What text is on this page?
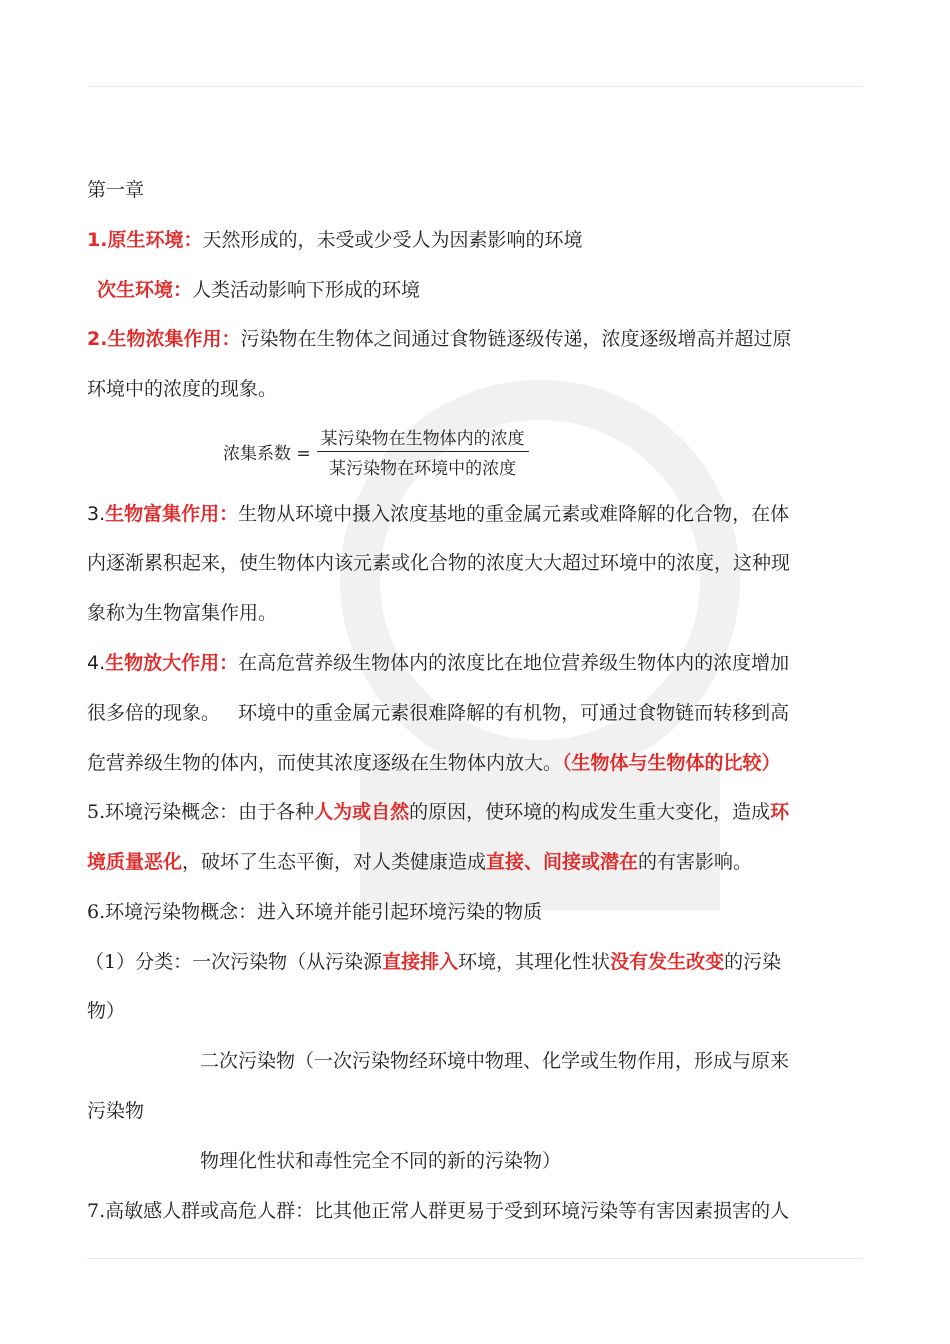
第一章
1.原生环境：天然形成的，未受或少受人为因素影响的环境
次生环境：人类活动影响下形成的环境
2.生物浓集作用：污染物在生物体之间通过食物链逐级传递，浓度逐级增高并超过原
环境中的浓度的现象。
浓集系数 = $\frac{\text{某污染物在生物体内的浓度}}{\text{某污染物在环境中的浓度}}$
3.生物富集作用：生物从环境中摄入浓度基地的重金属元素或难降解的化合物，在体
内逐渐累积起来，使生物体内该元素或化合物的浓度大大超过环境中的浓度，这种现
象称为生物富集作用。
4.生物放大作用：在高危营养级生物体内的浓度比在地位营养级生物体内的浓度增加
很多倍的现象。   环境中的重金属元素很难降解的有机物，可通过食物链而转移到高
危营养级生物的体内，而使其浓度逐级在生物体内放大。（生物体与生物体的比较）
5.环境污染概念：由于各种人为或自然的原因，使环境的构成发生重大变化，造成环
境质量恶化，破坏了生态平衡，对人类健康造成直接、间接或潜在的有害影响。
6.环境污染物概念：进入环境并能引起环境污染的物质
（1）分类：一次污染物（从污染源直接排入环境，其理化性状没有发生改变的污染
物）
二次污染物（一次污染物经环境中物理、化学或生物作用，形成与原来
污染物
物理化性状和毒性完全不同的新的污染物）
7.高敏感人群或高危人群：比其他正常人群更易于受到环境污染等有害因素损害的人
